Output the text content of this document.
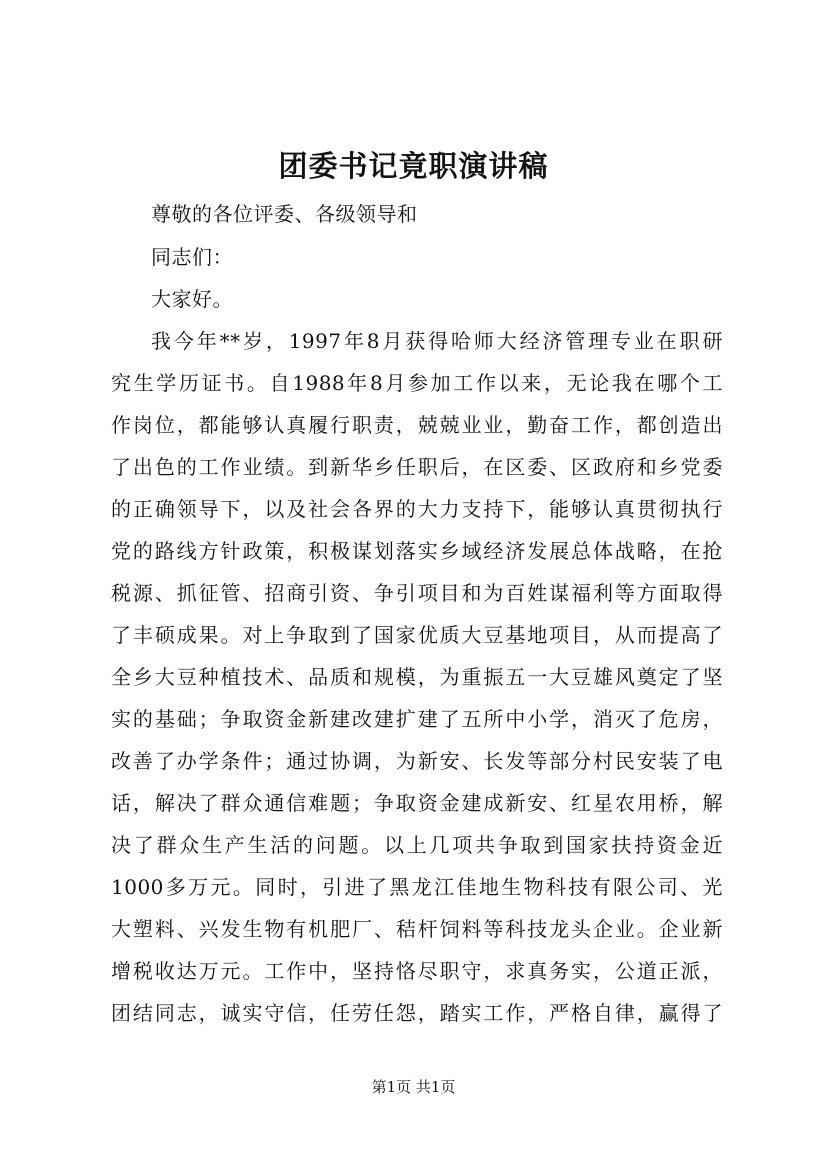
团委书记竟职演讲稿
尊敬的各位评委、各级领导和
同志们：
大家好。
我今年**岁，1997年8月获得哈师大经济管理专业在职研
究生学历证书。自1988年8月参加工作以来，无论我在哪个工
作岗位，都能够认真履行职责，兢兢业业，勤奋工作，都创造出
了出色的工作业绩。到新华乡任职后，在区委、区政府和乡党委
的正确领导下，以及社会各界的大力支持下，能够认真贯彻执行
党的路线方针政策，积极谋划落实乡域经济发展总体战略，在抢
税源、抓征管、招商引资、争引项目和为百姓谋福利等方面取得
了丰硕成果。对上争取到了国家优质大豆基地项目，从而提高了
全乡大豆种植技术、品质和规模，为重振五一大豆雄风奠定了坚
实的基础；争取资金新建改建扩建了五所中小学，消灭了危房，
改善了办学条件；通过协调，为新安、长发等部分村民安装了电
话，解决了群众通信难题；争取资金建成新安、红星农用桥，解
决了群众生产生活的问题。以上几项共争取到国家扶持资金近
1000多万元。同时，引进了黑龙江佳地生物科技有限公司、光
大塑料、兴发生物有机肥厂、秸杆饲料等科技龙头企业。企业新
增税收达万元。工作中，坚持恪尽职守，求真务实，公道正派，
团结同志，诚实守信，任劳任怨，踏实工作，严格自律，赢得了
第1页 共1页
